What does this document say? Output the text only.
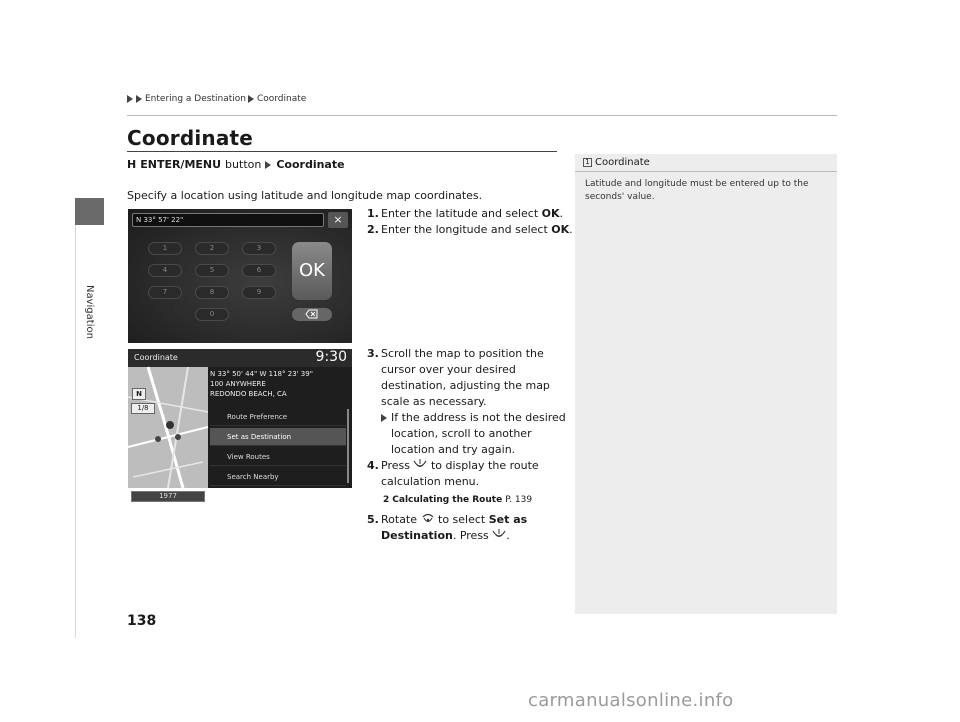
Navigation
Entering a Destination Coordinate
Coordinate
H ENTER/MENU button Coordinate
Specify a location using latitude and longitude map coordinates.
N 33° 57' 22"	×
1	2	3
4	5	6
7	8	9
0
OK
Coordinate	9:30
N
1/8
1977
N 33° 50' 44" W 118° 23' 39"
100 ANYWHERE
REDONDO BEACH, CA
Route Preference
Set as Destination
View Routes
Search Nearby
1. Enter the latitude and select OK.
2. Enter the longitude and select OK.
3. Scroll the map to position the
cursor over your desired
destination, adjusting the map
scale as necessary.
If the address is not the desired
location, scroll to another
location and try again.
4. Press to display the route
calculation menu.
2 Calculating the Route P. 139
5. Rotate to select Set as
Destination. Press .
1 Coordinate
Latitude and longitude must be entered up to the
seconds' value.
138
carmanualsonline.info
